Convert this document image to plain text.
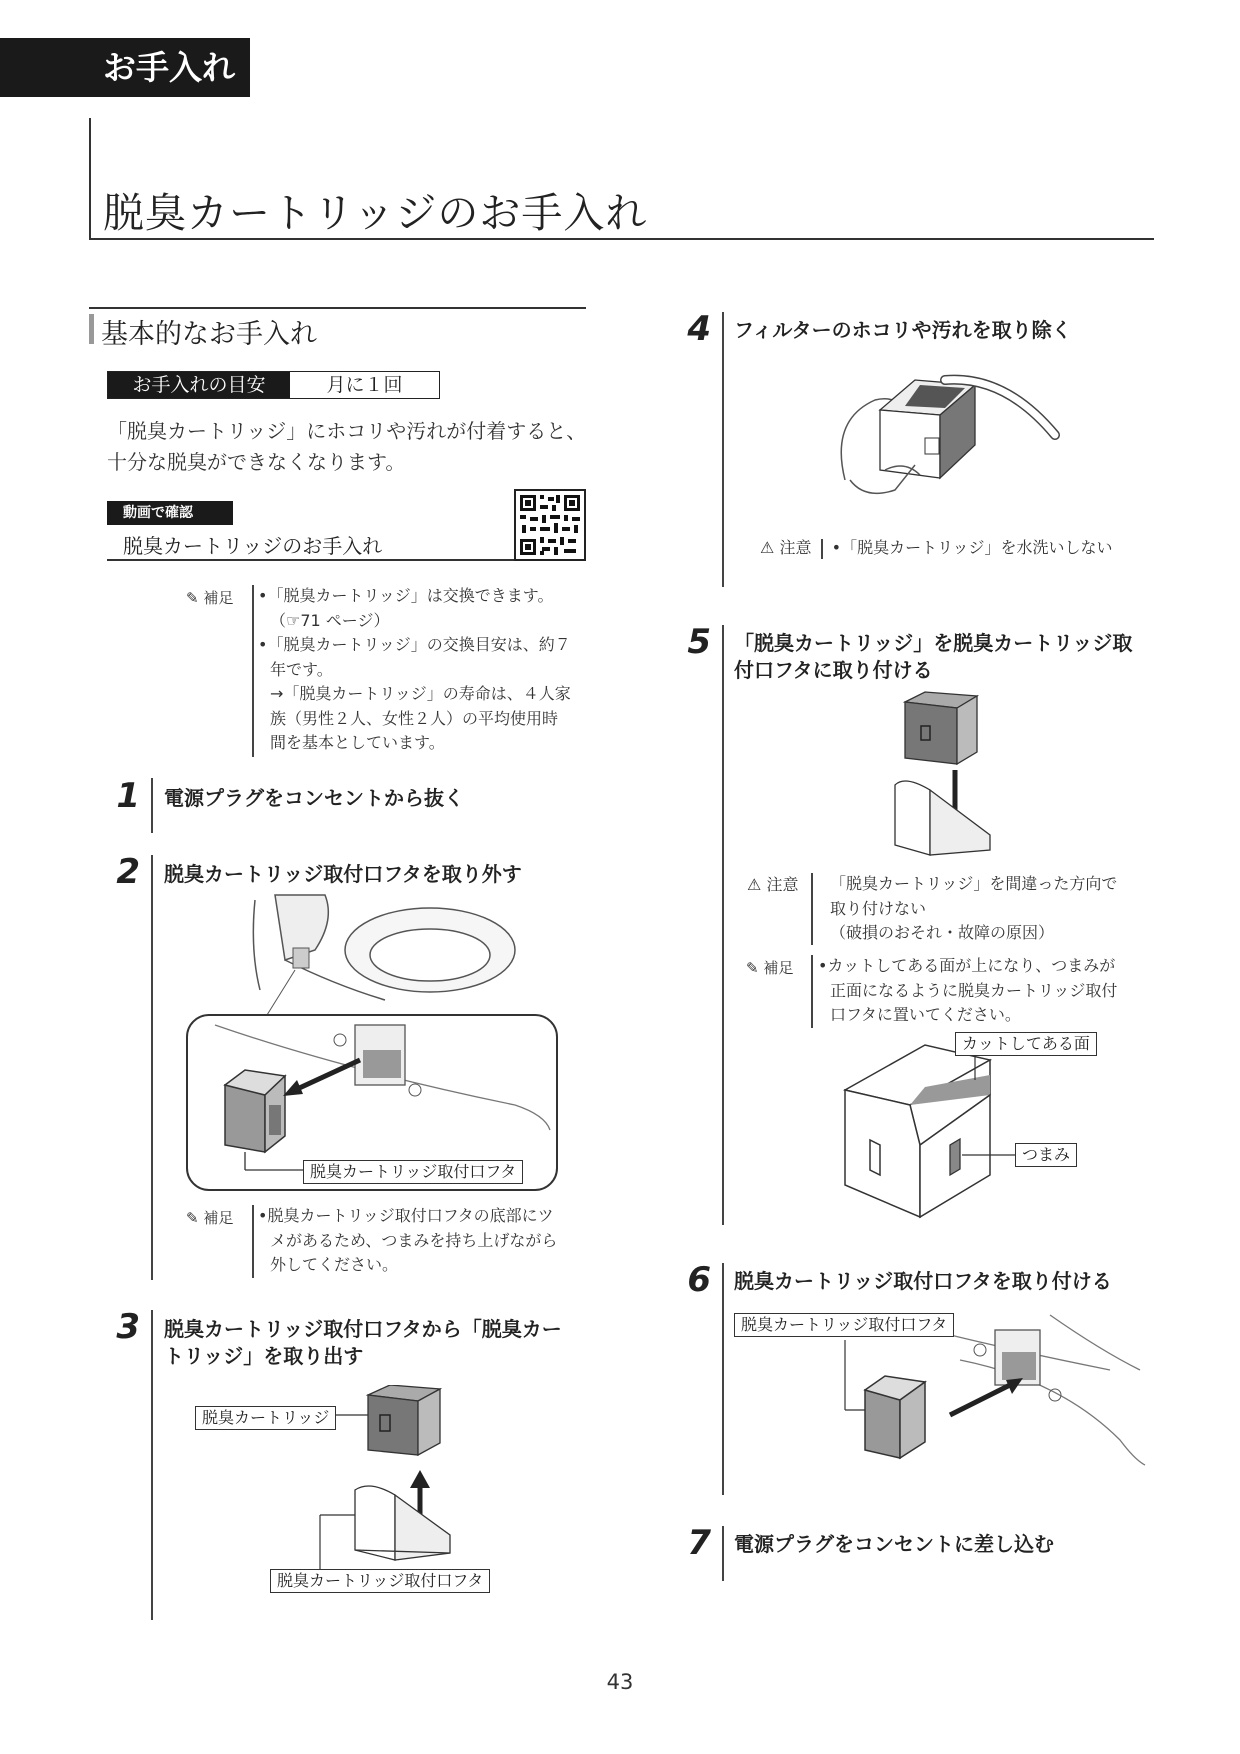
お手入れ
脱臭カートリッジのお手入れ
基本的なお手入れ
お手入れの目安	月に１回
「脱臭カートリッジ」にホコリや汚れが付着すると、
十分な脱臭ができなくなります。
動画で確認
脱臭カートリッジのお手入れ
✎ 補足 •「脱臭カートリッジ」は交換できます。
（☞71 ページ）
•「脱臭カートリッジ」の交換目安は、約７
年です。
→「脱臭カートリッジ」の寿命は、４人家
族（男性２人、女性２人）の平均使用時
間を基本としています。
1 電源プラグをコンセントから抜く
2 脱臭カートリッジ取付口フタを取り外す
脱臭カートリッジ取付口フタ
✎ 補足 •脱臭カートリッジ取付口フタの底部にツ
メがあるため、つまみを持ち上げながら
外してください。
3 脱臭カートリッジ取付口フタから「脱臭カー
トリッジ」を取り出す
脱臭カートリッジ
脱臭カートリッジ取付口フタ
4 フィルターのホコリや汚れを取り除く
⚠ 注意 •「脱臭カートリッジ」を水洗いしない
5 「脱臭カートリッジ」を脱臭カートリッジ取
付口フタに取り付ける
⚠ 注意 「脱臭カートリッジ」を間違った方向で
取り付けない
（破損のおそれ・故障の原因）
✎ 補足 •カットしてある面が上になり、つまみが
正面になるように脱臭カートリッジ取付
口フタに置いてください。
カットしてある面
つまみ
6 脱臭カートリッジ取付口フタを取り付ける
脱臭カートリッジ取付口フタ
7 電源プラグをコンセントに差し込む
43
